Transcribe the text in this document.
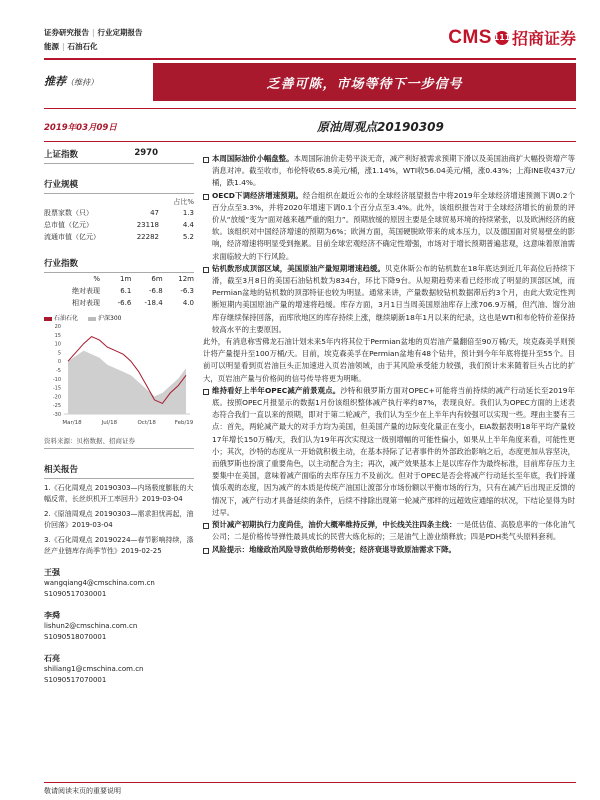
证券研究报告 | 行业定期报告
能源 | 石油石化	CMS 111 招商证券
推荐（维持）	乏善可陈，市场等待下一步信号
2019年03月09日	原油周观点20190309
上证指数	2970
行业规模
占比%
股票家数（只）	47	1.3
总市值（亿元）	23118	4.4
流通市值（亿元）	22282	5.2
行业指数
%	1m	6m	12m
绝对表现	6.1	-6.8	-6.3
相对表现	-6.6	-18.4	4.0
石油石化	沪深300
20
15
10
5
0
-5
-10
-15
-20
-25
-30
Mar/18	Jul/18	Oct/18	Feb/19
资料来源：贝格数据、招商证券
相关报告

1.《石化周观点 20190303—内场极度膨胀的大幅反常，长丝织机开工率回升》2019-03-04

2.《原油周观点 20190303—需求担忧再起，油价回落》2019-03-04

3.《石化周观点 20190224—春节影响持续，涤丝产业链库存尚季节性》2019-02-25

王强
wangqiang4@cmschina.com.cn
S1090517030001
李舜
lishun2@cmschina.com.cn
S1090518070001
石亮
shiliang1@cmschina.com.cn
S1090517070001

本周国际油价小幅盘整。本周国际油价走势平淡无奇，减产利好被需求预期下滑以及美国油商扩大幅投资增产等消息对冲。截至收市，布伦特收65.8美元/桶，涨1.14%，WTI收56.04美元/桶，涨0.43%；上海INE收437元/桶，跌1.4%。

OECD下调经济增速预期。经合组织在最近公布的全球经济展望报告中将2019年全球经济增速预测下调0.2个百分点至3.3%，并将2020年增速下调0.1个百分点至3.4%。此外，该组织报告对于全球经济增长的前景的评价从“放缓”变为“面对越来越严重的阻力”。预期放缓的原因主要是全球贸易环境的持续紧张，以及欧洲经济的疲软。该组织对中国经济增速的预期为6%；欧洲方面，英国硬脱欧带来的成本压力，以及德国面对贸易壁垒的影响，经济增速将明显受到拖累。目前全球宏观经济不确定性增强，市场对于增长预期普遍悲观，这意味着原油需求面临较大的下行风险。

钻机数形成顶部区域，美国原油产量短期增速趋缓。贝克休斯公布的钻机数在18年底达到近几年高位后持续下滑，截至3月8日的美国石油钻机数为834台，环比下降9台。从短期趋势来看已经形成了明显的顶部区域，而Permian盆地的钻机数的顶部特征也较为明显。通常来讲，产量数据较钻机数据滞后约3个月，由此大致定性判断短期内美国原油产量的增速将趋缓。库存方面，3月1日当周美国原油库存上涨706.9万桶，但汽油、馏分油库存继续保持回落，而库欣地区的库存持续上涨，继续刷新18年1月以来的纪录，这也是WTI和布伦特价差保持较高水平的主要原因。

此外，有消息称雪佛龙石油计划未来5年内将其位于Permian盆地的页岩油产量翻倍至90万桶/天，埃克森美孚则预计将产量提升至100万桶/天。目前，埃克森美孚在Permian盆地有48个钻井，预计到今年年底将提升至55个。目前可以明显看到页岩油巨头正加速进入页岩油领域，由于其风险承受能力较强，我们预计未来随着巨头占比的扩大，页岩油产量与价格间的信号传导将更为明晰。

维持看好上半年OPEC减产前景观点。沙特和俄罗斯方面对OPEC+可能将当前持续的减产行动延长至2019年底。按照OPEC月报显示的数据1月份该组织整体减产执行率约87%，表现良好。我们认为OPEC方面的上述表态符合我们一直以来的预期，即对于第二轮减产，我们认为至少在上半年内有较强可以实现一些。理由主要有三点：首先，两轮减产最大的对手方均为美国，但美国产量的边际变化量正在变小，EIA数据表明18年平均产量较17年增长150万桶/天，我们认为19年再次实现这一级别增幅的可能性偏小，如果从上半年角度来看，可能性更小；其次，沙特的态度从一开始就积极主动，在基本持际了记者事件的外部政治影响之后，态度更加从容坚决，而俄罗斯也扮演了重要角色，以主动配合为主；再次，减产效果基本上是以库存作为最终标准，目前库存压力主要集中在美国，意味着减产面临的去库存压力不及前次。但对于OPEC是否会将减产行动延长至年底，我们持谨慎乐观的态度，因为减产的本质是传统产油国让渡部分市场份额以平衡市场的行为，只有在减产后出现正反馈的情况下，减产行动才具备延续的条件，后续不排除出现第一轮减产那样的远超效应通缩的状况，下结论显得为时过早。

预计减产初期执行力度尚佳，油价大概率维持反弹，中长线关注四条主线：一是低估值、高股息率的一体化油气公司；二是价格传导弹性最具成长的民营大炼化标的；三是油气上游业绩释放；四是PDH类气头原料套利。

风险提示：地缘政治风险导致供给形势转变；经济衰退导致原油需求下降。

敬请阅读末页的重要说明
